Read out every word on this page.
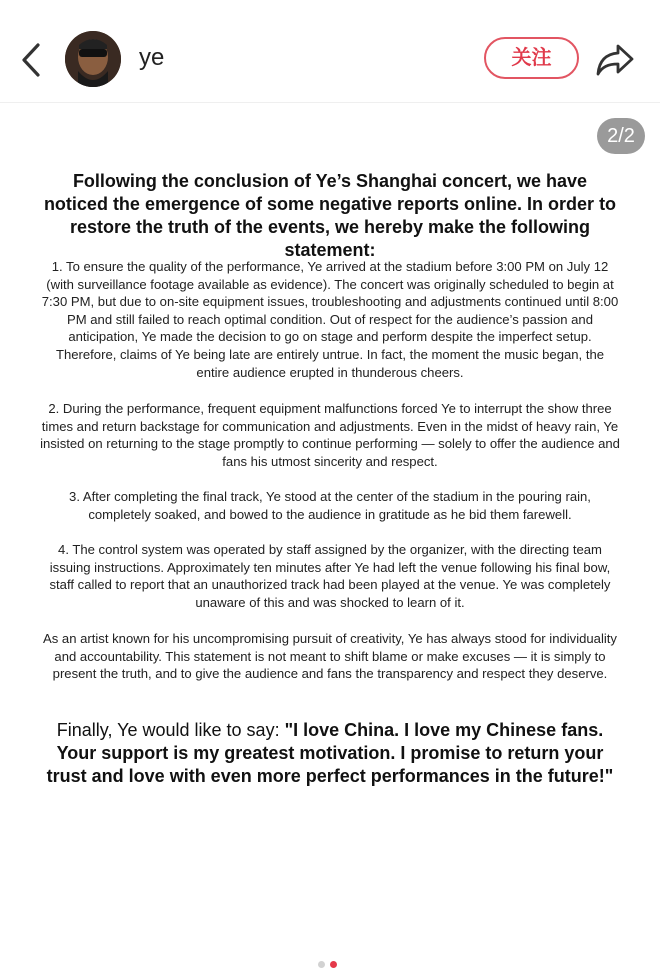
ye	关注
2/2

Following the conclusion of Ye’s Shanghai concert, we have noticed the emergence of some negative reports online. In order to restore the truth of the events, we hereby make the following statement:

1. To ensure the quality of the performance, Ye arrived at the stadium before 3:00 PM on July 12 (with surveillance footage available as evidence). The concert was originally scheduled to begin at 7:30 PM, but due to on-site equipment issues, troubleshooting and adjustments continued until 8:00 PM and still failed to reach optimal condition. Out of respect for the audience’s passion and anticipation, Ye made the decision to go on stage and perform despite the imperfect setup. Therefore, claims of Ye being late are entirely untrue. In fact, the moment the music began, the entire audience erupted in thunderous cheers.

2. During the performance, frequent equipment malfunctions forced Ye to interrupt the show three times and return backstage for communication and adjustments. Even in the midst of heavy rain, Ye insisted on returning to the stage promptly to continue performing — solely to offer the audience and fans his utmost sincerity and respect.

3. After completing the final track, Ye stood at the center of the stadium in the pouring rain, completely soaked, and bowed to the audience in gratitude as he bid them farewell.

4. The control system was operated by staff assigned by the organizer, with the directing team issuing instructions. Approximately ten minutes after Ye had left the venue following his final bow, staff called to report that an unauthorized track had been played at the venue. Ye was completely unaware of this and was shocked to learn of it.

As an artist known for his uncompromising pursuit of creativity, Ye has always stood for individuality and accountability. This statement is not meant to shift blame or make excuses — it is simply to present the truth, and to give the audience and fans the transparency and respect they deserve.

Finally, Ye would like to say: "I love China. I love my Chinese fans. Your support is my greatest motivation. I promise to return your trust and love with even more perfect performances in the future!"
